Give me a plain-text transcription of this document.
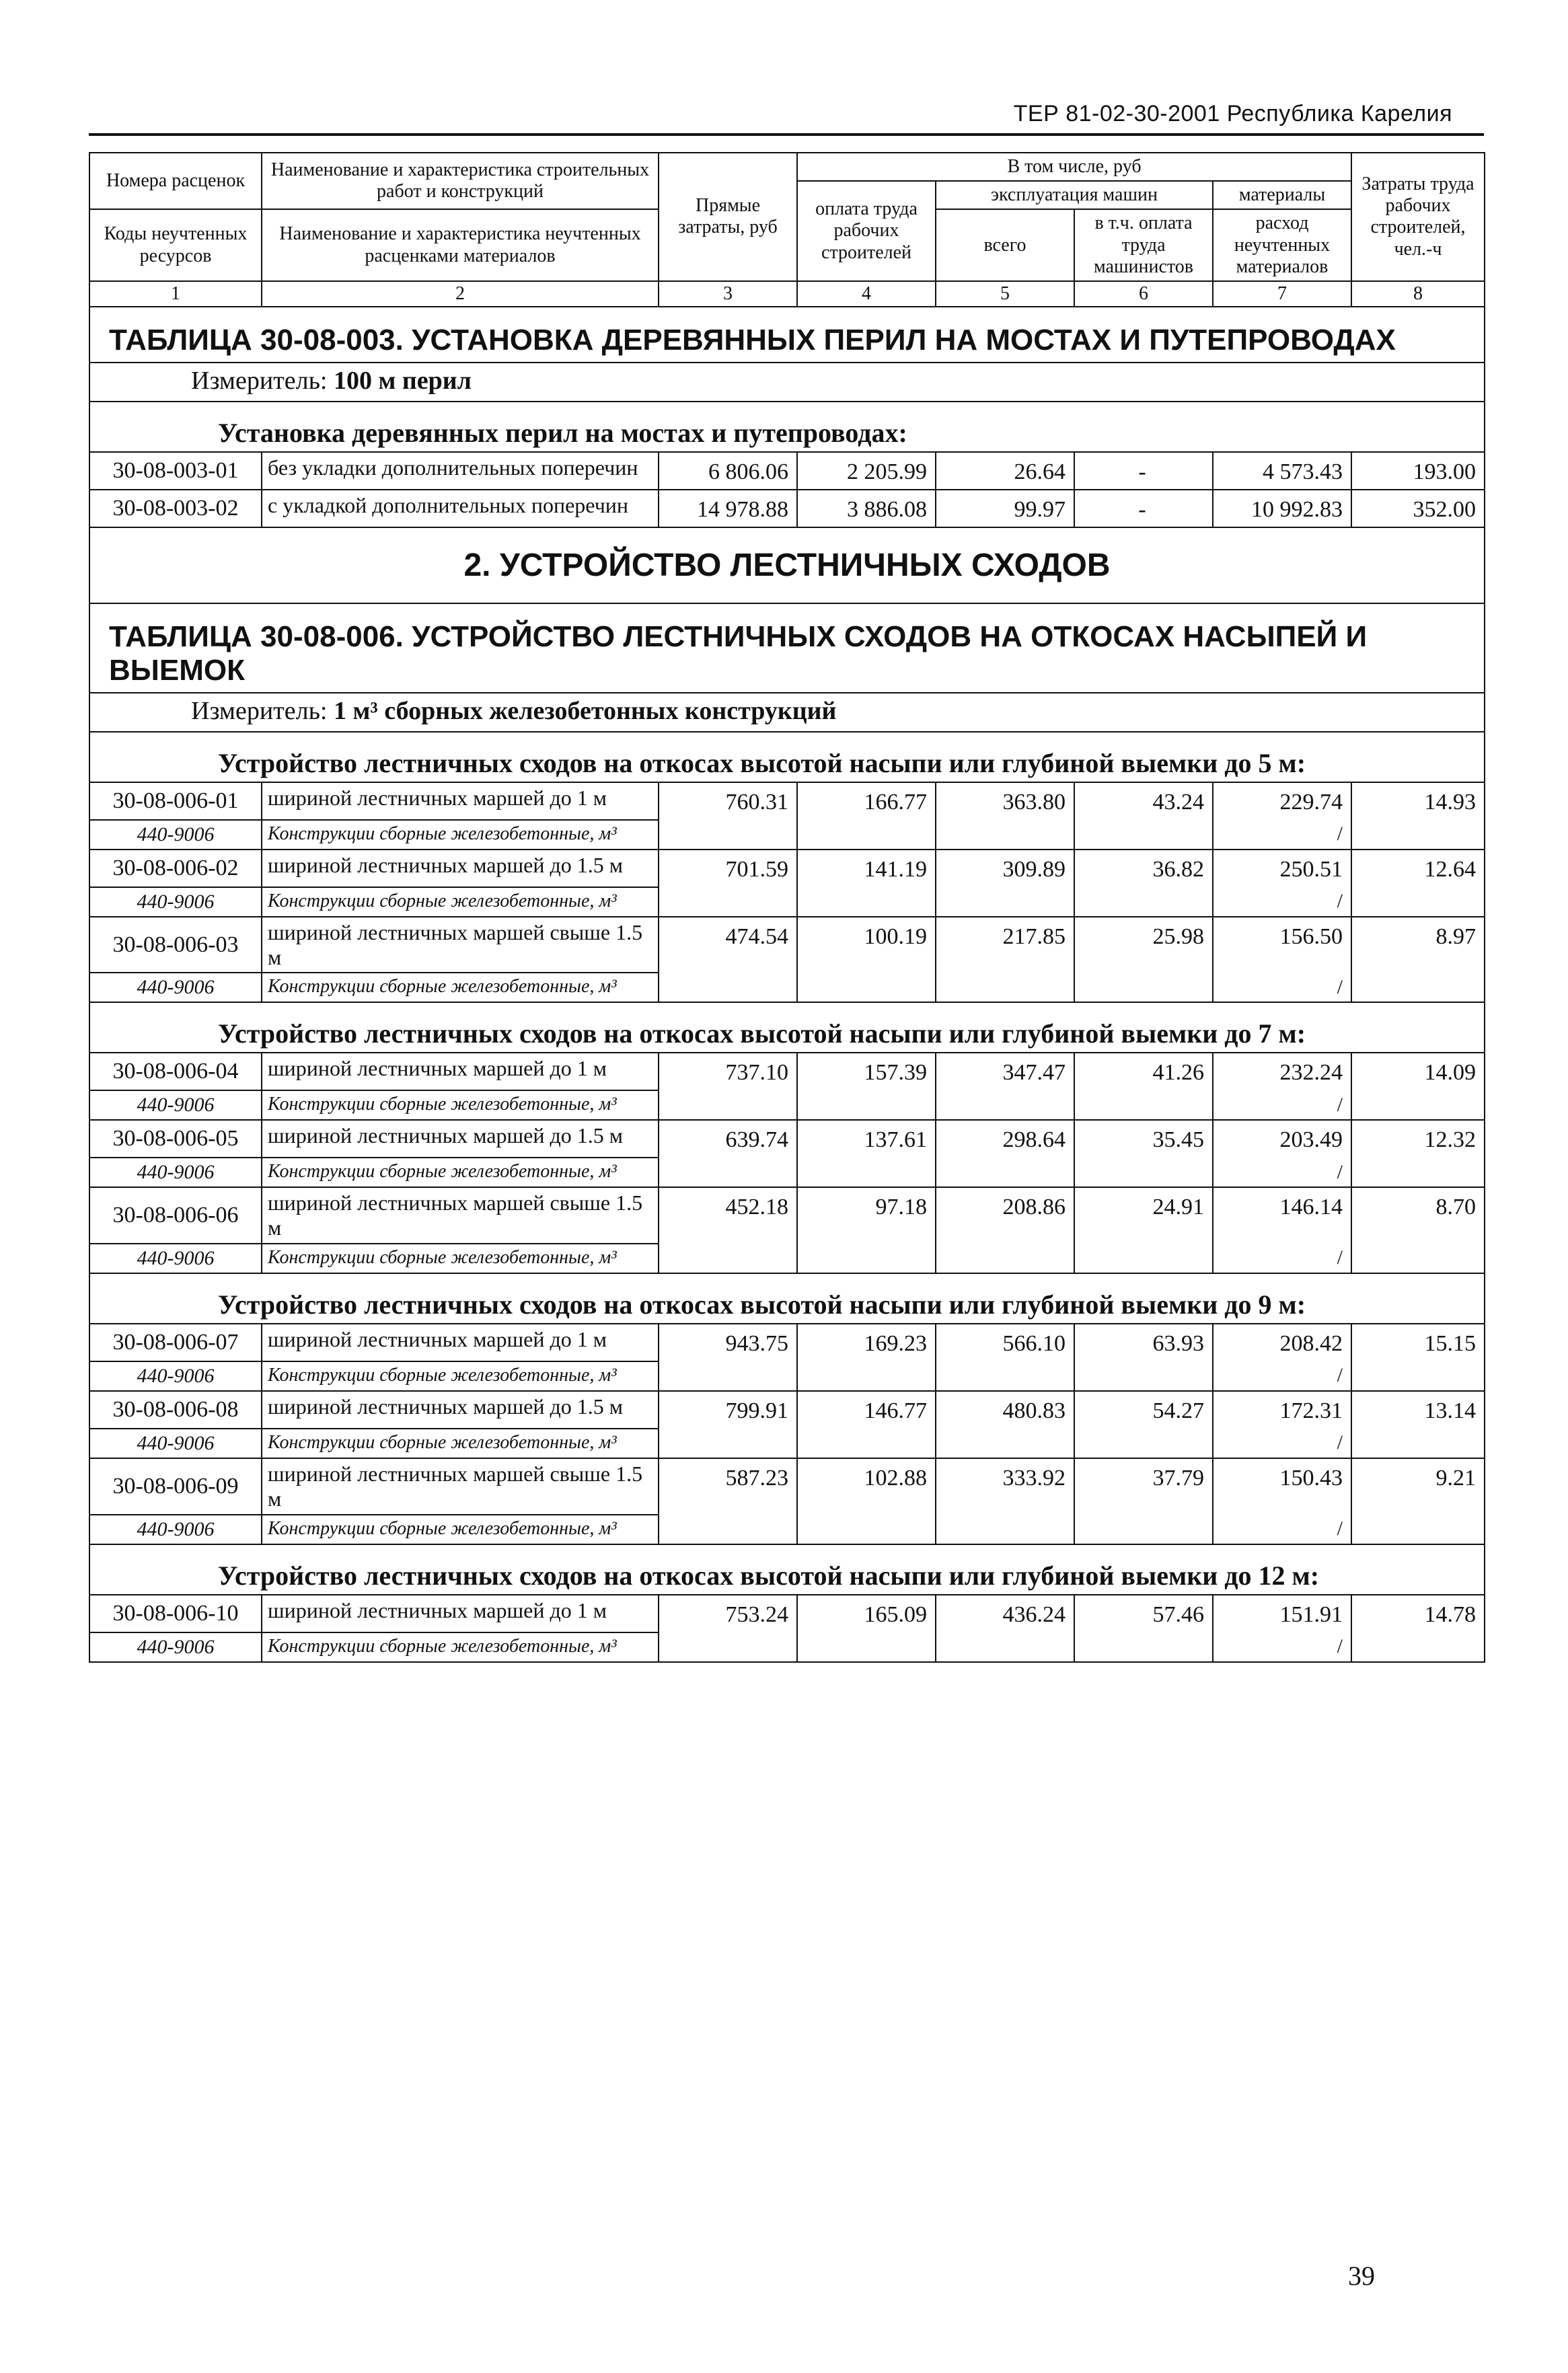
ТЕР 81-02-30-2001 Республика Карелия
Номера расценок	Наименование и характеристика строительных работ и конструкций	Прямые затраты, руб	В том числе, руб				Затраты труда рабочих строителей, чел.-ч
			оплата труда рабочих строителей	эксплуатация машин		материалы	
Коды неучтенных ресурсов	Наименование и характеристика неучтенных расценками материалов			всего	в т.ч. оплата труда машинистов	расход неучтенных материалов	

1	2	3	4	5	6	7	8
ТАБЛИЦА 30-08-003. УСТАНОВКА ДЕРЕВЯННЫХ ПЕРИЛ НА МОСТАХ И ПУТЕПРОВОДАХ							
Измеритель: 100 м перил							
Установка деревянных перил на мостах и путепроводах:							
30-08-003-01	без укладки дополнительных поперечин	6 806.06	2 205.99	26.64	-	4 573.43	193.00
30-08-003-02	с укладкой дополнительных поперечин	14 978.88	3 886.08	99.97	-	10 992.83	352.00
2. УСТРОЙСТВО ЛЕСТНИЧНЫХ СХОДОВ							
ТАБЛИЦА 30-08-006. УСТРОЙСТВО ЛЕСТНИЧНЫХ СХОДОВ НА ОТКОСАХ НАСЫПЕЙ И ВЫЕМОК							
Измеритель: 1 м³ сборных железобетонных конструкций							
Устройство лестничных сходов на откосах высотой насыпи или глубиной выемки до 5 м:							
30-08-006-01	шириной лестничных маршей до 1 м	760.31	166.77	363.80	43.24	229.74	14.93
440-9006	Конструкции сборные железобетонные, м³					/	
30-08-006-02	шириной лестничных маршей до 1.5 м	701.59	141.19	309.89	36.82	250.51	12.64
440-9006	Конструкции сборные железобетонные, м³					/	
30-08-006-03	шириной лестничных маршей свыше 1.5 м	474.54	100.19	217.85	25.98	156.50	8.97
440-9006	Конструкции сборные железобетонные, м³					/	
Устройство лестничных сходов на откосах высотой насыпи или глубиной выемки до 7 м:							
30-08-006-04	шириной лестничных маршей до 1 м	737.10	157.39	347.47	41.26	232.24	14.09
440-9006	Конструкции сборные железобетонные, м³					/	
30-08-006-05	шириной лестничных маршей до 1.5 м	639.74	137.61	298.64	35.45	203.49	12.32
440-9006	Конструкции сборные железобетонные, м³					/	
30-08-006-06	шириной лестничных маршей свыше 1.5 м	452.18	97.18	208.86	24.91	146.14	8.70
440-9006	Конструкции сборные железобетонные, м³					/	
Устройство лестничных сходов на откосах высотой насыпи или глубиной выемки до 9 м:							
30-08-006-07	шириной лестничных маршей до 1 м	943.75	169.23	566.10	63.93	208.42	15.15
440-9006	Конструкции сборные железобетонные, м³					/	
30-08-006-08	шириной лестничных маршей до 1.5 м	799.91	146.77	480.83	54.27	172.31	13.14
440-9006	Конструкции сборные железобетонные, м³					/	
30-08-006-09	шириной лестничных маршей свыше 1.5 м	587.23	102.88	333.92	37.79	150.43	9.21
440-9006	Конструкции сборные железобетонные, м³					/	
Устройство лестничных сходов на откосах высотой насыпи или глубиной выемки до 12 м:							
30-08-006-10	шириной лестничных маршей до 1 м	753.24	165.09	436.24	57.46	151.91	14.78
440-9006	Конструкции сборные железобетонные, м³					/	
39
